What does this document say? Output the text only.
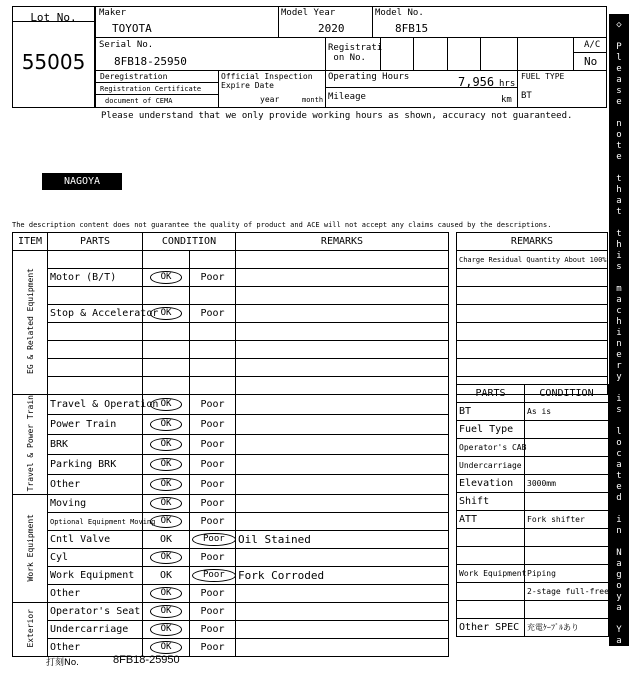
Lot No.
55005
Maker
TOYOTA
Model Year
2020
Model No.
8FB15
Serial No.
8FB18-25950
Registrati
on No.
A/C
No
Deregistration
Registration Certificate
document of CEMA
Official Inspection
Expire Date
year	month
Operating Hours	7,956 hrs
Mileage	km
FUEL TYPE
BT
Please understand that we only provide working hours as shown, accuracy not guaranteed.
NAGOYA
The description content does not guarantee the quality of product and ACE will not accept any claims caused by the descriptions.
ITEM	PARTS	CONDITION		REMARKS
EG & Related Equipment				
	Motor (B/T)	OK	Poor	

	Stop & Accelerator	OK	Poor	

Travel & Power Train	Travel & Operation	OK	Poor	
	Power Train	OK	Poor	
	BRK	OK	Poor	
	Parking BRK	OK	Poor	
	Other	OK	Poor	
Work Equipment	Moving	OK	Poor	
	Optional Equipment Moving	OK	Poor	
	Cntl Valve	OK	Poor	Oil Stained
	Cyl	OK	Poor	
	Work Equipment	OK	Poor	Fork Corroded
	Other	OK	Poor	
Exterior	Operator's Seat	OK	Poor	
	Undercarriage	OK	Poor	
	Other	OK	Poor	
REMARKS
Charge Residual Quantity About 100%

PARTS	CONDITION
BT	As is
Fuel Type	
Operator's CAB	
Undercarriage	
Elevation	3000mm
Shift	
ATT	Fork shifter

Work Equipment	Piping
	2-stage full-free

Other SPEC	充電ｹｰﾌﾞﾙあり
◇

P
l
e
a
s
e

n
o
t
e

t
h
a
t

t
h
i
s

m
a
c
h
i
n
e
r
y

i
s

l
o
c
a
t
e
d

i
n

N
a
g
o
y
a

Y
a
r
d

◇
打刻No.	8FB18-25950
